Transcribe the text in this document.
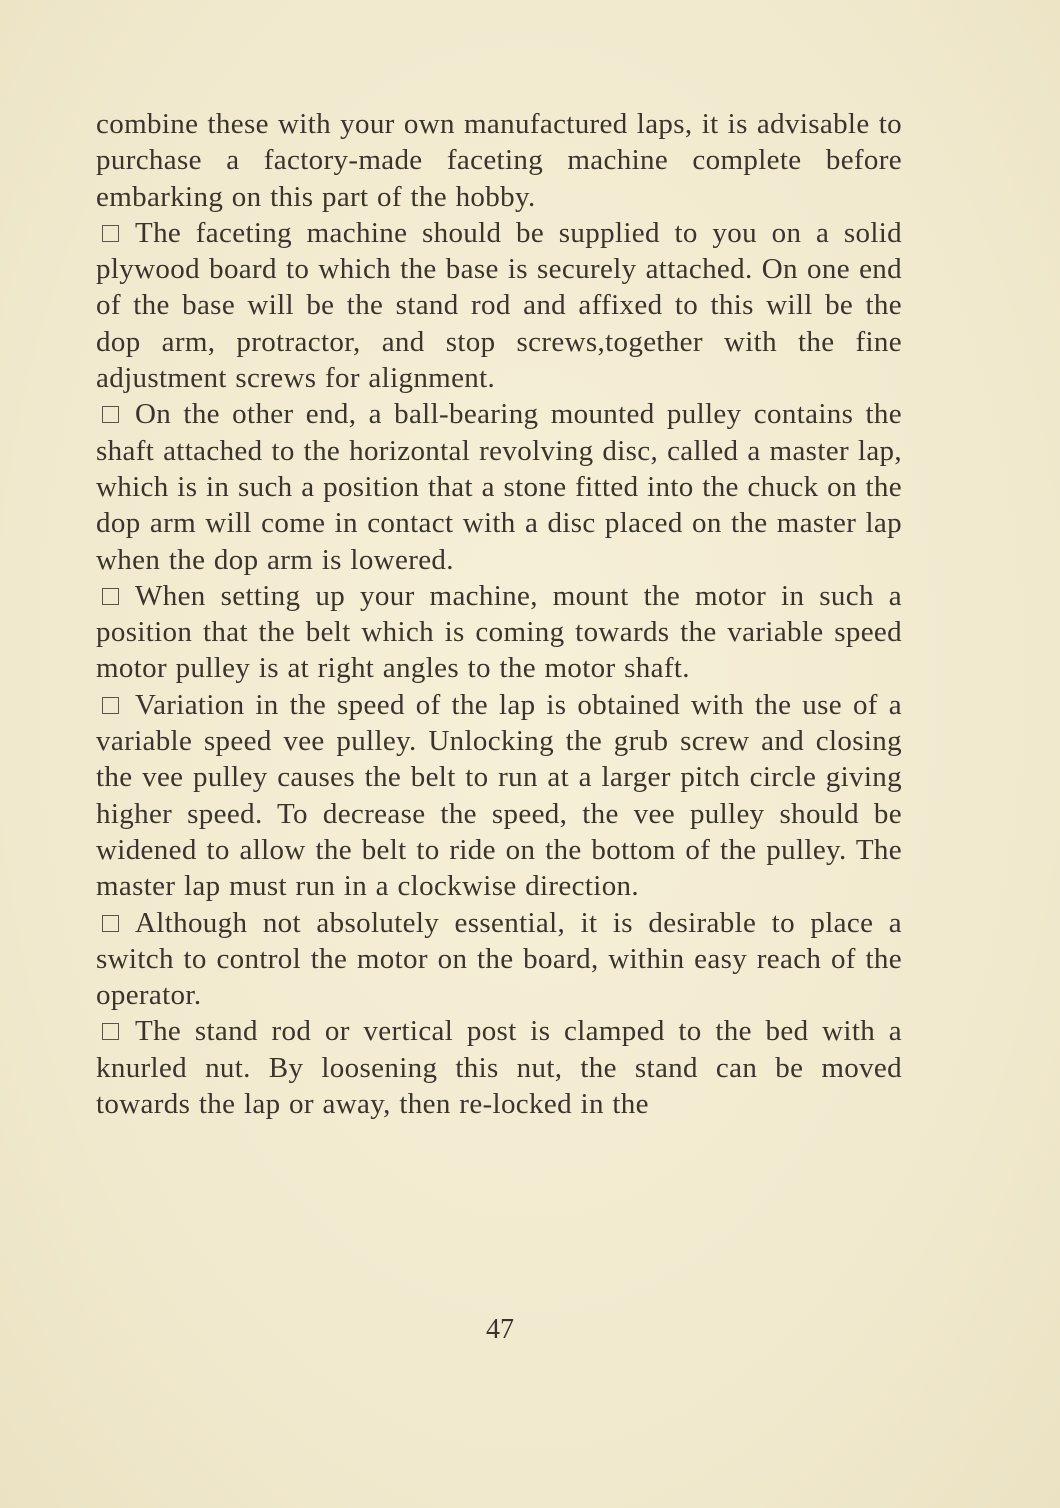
combine these with your own manufactured laps, it is advisable to purchase a factory-made faceting machine complete before embarking on this part of the hobby.

The faceting machine should be supplied to you on a solid plywood board to which the base is securely attached. On one end of the base will be the stand rod and affixed to this will be the dop arm, protractor, and stop screws,together with the fine adjustment screws for alignment.

On the other end, a ball-bearing mounted pulley contains the shaft attached to the horizontal revolving disc, called a master lap, which is in such a position that a stone fitted into the chuck on the dop arm will come in contact with a disc placed on the master lap when the dop arm is lowered.

When setting up your machine, mount the motor in such a position that the belt which is coming towards the variable speed motor pulley is at right angles to the motor shaft.

Variation in the speed of the lap is obtained with the use of a variable speed vee pulley. Unlocking the grub screw and closing the vee pulley causes the belt to run at a larger pitch circle giving higher speed. To decrease the speed, the vee pulley should be widened to allow the belt to ride on the bottom of the pulley. The master lap must run in a clockwise direction.

Although not absolutely essential, it is desirable to place a switch to control the motor on the board, within easy reach of the operator.

The stand rod or vertical post is clamped to the bed with a knurled nut. By loosening this nut, the stand can be moved towards the lap or away, then re-locked in the

47
